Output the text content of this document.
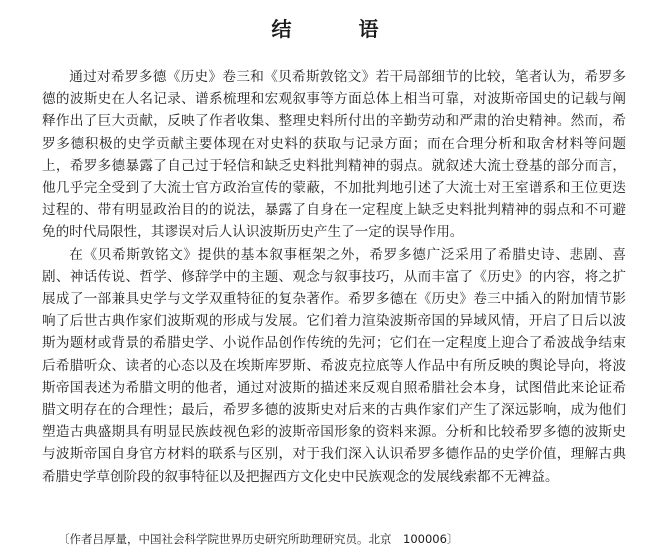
结 语

通过对希罗多德《历史》卷三和《贝希斯敦铭文》若干局部细节的比较，笔者认为，希罗多德的波斯史在人名记录、谱系梳理和宏观叙事等方面总体上相当可靠，对波斯帝国史的记载与阐释作出了巨大贡献，反映了作者收集、整理史料所付出的辛勤劳动和严肃的治史精神。然而，希罗多德积极的史学贡献主要体现在对史料的获取与记录方面；而在合理分析和取舍材料等问题上，希罗多德暴露了自己过于轻信和缺乏史料批判精神的弱点。就叙述大流士登基的部分而言，他几乎完全受到了大流士官方政治宣传的蒙蔽，不加批判地引述了大流士对王室谱系和王位更迭过程的、带有明显政治目的的说法，暴露了自身在一定程度上缺乏史料批判精神的弱点和不可避免的时代局限性，其谬误对后人认识波斯历史产生了一定的误导作用。

在《贝希斯敦铭文》提供的基本叙事框架之外，希罗多德广泛采用了希腊史诗、悲剧、喜剧、神话传说、哲学、修辞学中的主题、观念与叙事技巧，从而丰富了《历史》的内容，将之扩展成了一部兼具史学与文学双重特征的复杂著作。希罗多德在《历史》卷三中插入的附加情节影响了后世古典作家们波斯观的形成与发展。它们着力渲染波斯帝国的异域风情，开启了日后以波斯为题材或背景的希腊史学、小说作品创作传统的先河；它们在一定程度上迎合了希波战争结束后希腊听众、读者的心态以及在埃斯库罗斯、希波克拉底等人作品中有所反映的舆论导向，将波斯帝国表述为希腊文明的他者，通过对波斯的描述来反观自照希腊社会本身，试图借此来论证希腊文明存在的合理性；最后，希罗多德的波斯史对后来的古典作家们产生了深远影响，成为他们塑造古典盛期具有明显民族歧视色彩的波斯帝国形象的资料来源。分析和比较希罗多德的波斯史与波斯帝国自身官方材料的联系与区别，对于我们深入认识希罗多德作品的史学价值，理解古典希腊史学草创阶段的叙事特征以及把握西方文化史中民族观念的发展线索都不无裨益。

〔作者吕厚量，中国社会科学院世界历史研究所助理研究员。北京　100006〕
